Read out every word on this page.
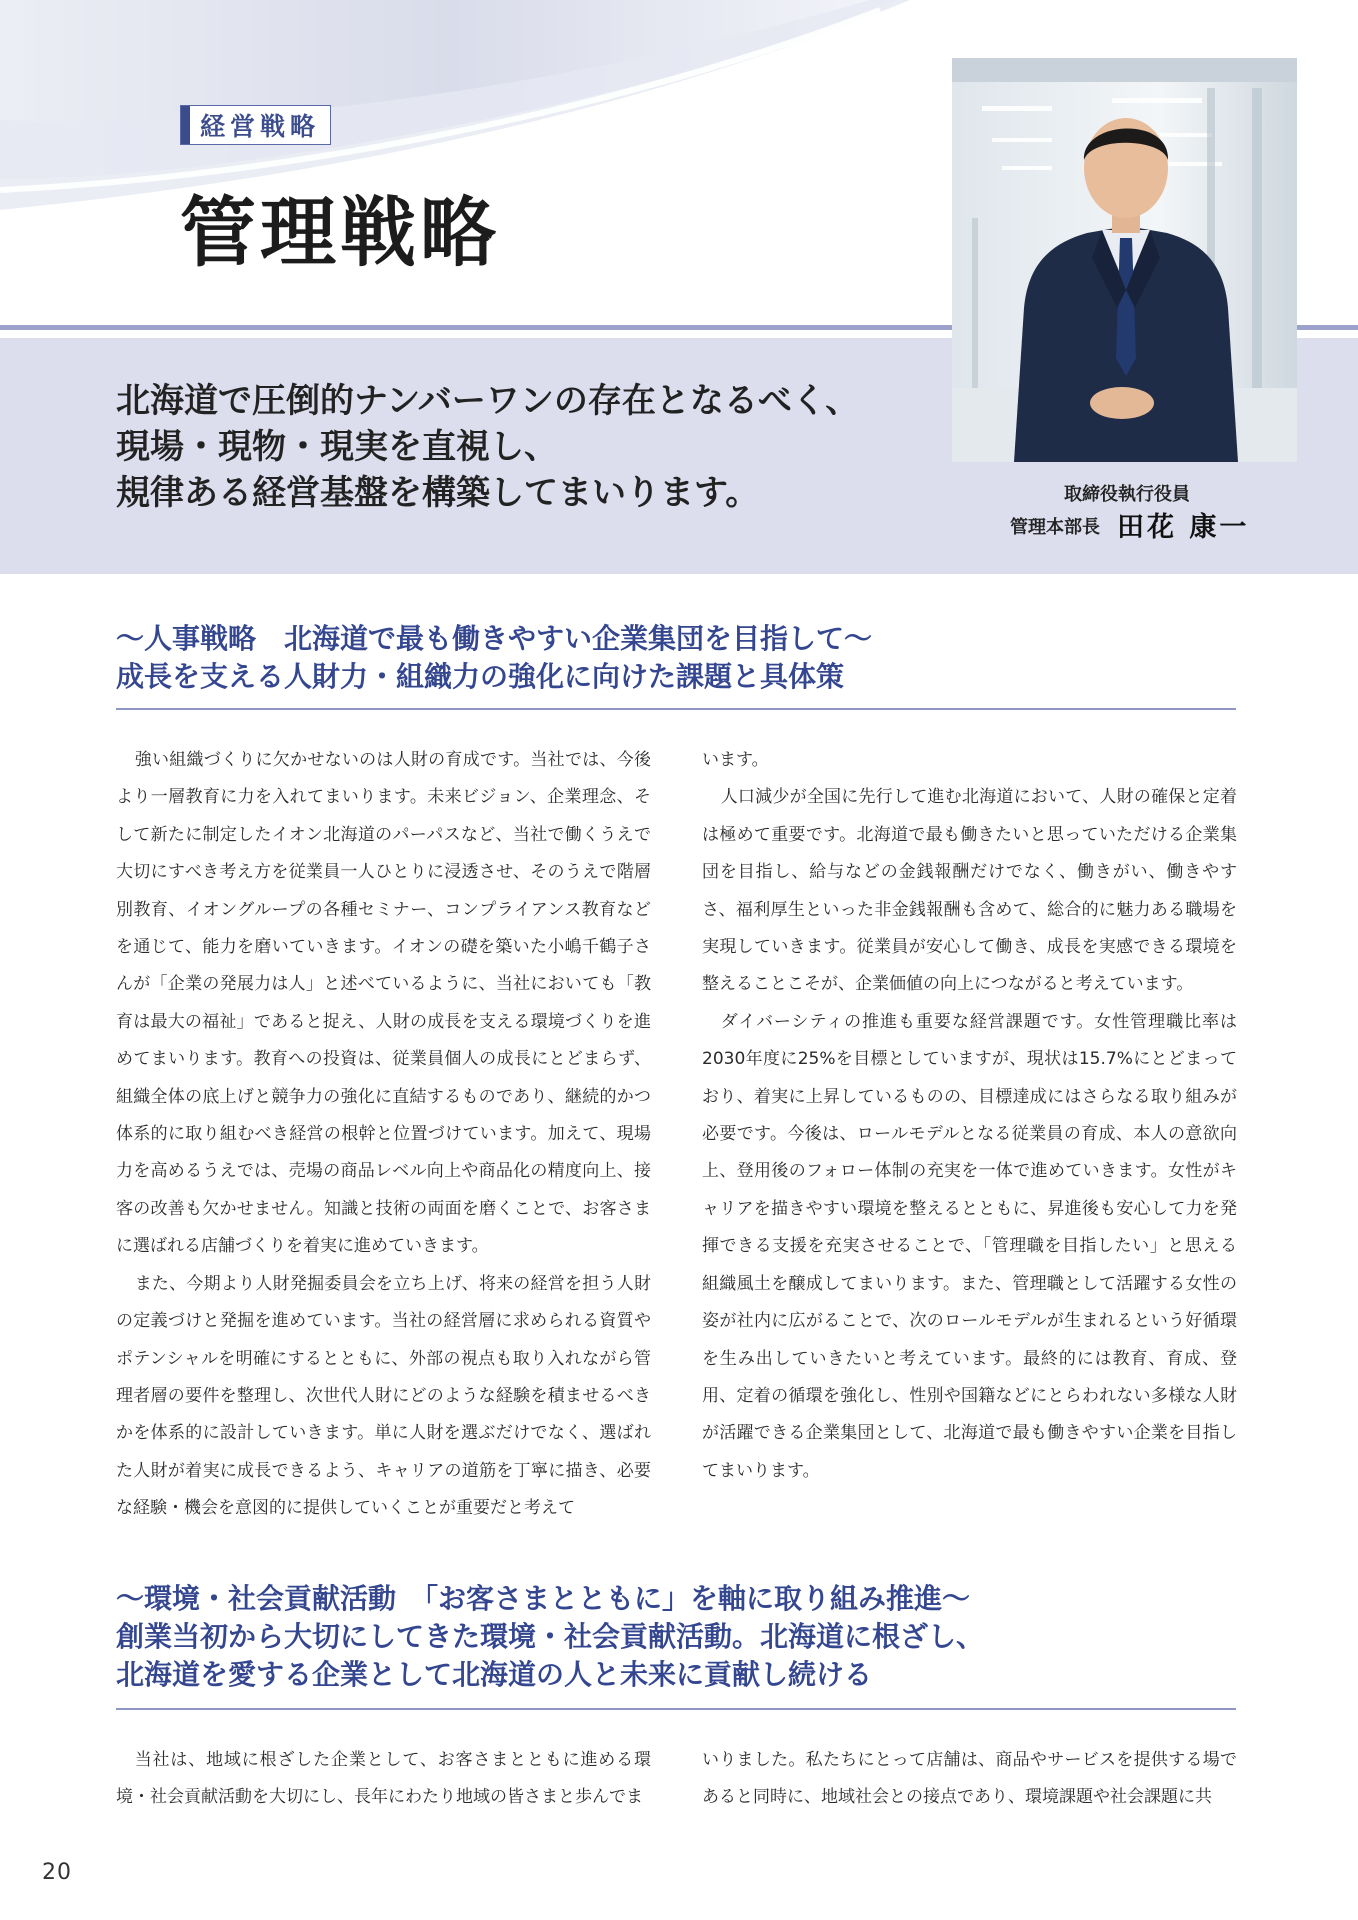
経営戦略
管理戦略

北海道で圧倒的ナンバーワンの存在となるべく、
現場・現物・現実を直視し、
規律ある経営基盤を構築してまいります。	取締役執行役員
管理本部長 田花 康一
～人事戦略　北海道で最も働きやすい企業集団を目指して～
成長を支える人財力・組織力の強化に向けた課題と具体策

強い組織づくりに欠かせないのは人財の育成です。当社では、今後より一層教育に力を入れてまいります。未来ビジョン、企業理念、そして新たに制定したイオン北海道のパーパスなど、当社で働くうえで大切にすべき考え方を従業員一人ひとりに浸透させ、そのうえで階層別教育、イオングループの各種セミナー、コンプライアンス教育などを通じて、能力を磨いていきます。イオンの礎を築いた小嶋千鶴子さんが「企業の発展力は人」と述べているように、当社においても「教育は最大の福祉」であると捉え、人財の成長を支える環境づくりを進めてまいります。教育への投資は、従業員個人の成長にとどまらず、組織全体の底上げと競争力の強化に直結するものであり、継続的かつ体系的に取り組むべき経営の根幹と位置づけています。加えて、現場力を高めるうえでは、売場の商品レベル向上や商品化の精度向上、接客の改善も欠かせません。知識と技術の両面を磨くことで、お客さまに選ばれる店舗づくりを着実に進めていきます。

また、今期より人財発掘委員会を立ち上げ、将来の経営を担う人財の定義づけと発掘を進めています。当社の経営層に求められる資質やポテンシャルを明確にするとともに、外部の視点も取り入れながら管理者層の要件を整理し、次世代人財にどのような経験を積ませるべきかを体系的に設計していきます。単に人財を選ぶだけでなく、選ばれた人財が着実に成長できるよう、キャリアの道筋を丁寧に描き、必要な経験・機会を意図的に提供していくことが重要だと考えて

います。

人口減少が全国に先行して進む北海道において、人財の確保と定着は極めて重要です。北海道で最も働きたいと思っていただける企業集団を目指し、給与などの金銭報酬だけでなく、働きがい、働きやすさ、福利厚生といった非金銭報酬も含めて、総合的に魅力ある職場を実現していきます。従業員が安心して働き、成長を実感できる環境を整えることこそが、企業価値の向上につながると考えています。

ダイバーシティの推進も重要な経営課題です。女性管理職比率は2030年度に25%を目標としていますが、現状は15.7%にとどまっており、着実に上昇しているものの、目標達成にはさらなる取り組みが必要です。今後は、ロールモデルとなる従業員の育成、本人の意欲向上、登用後のフォロー体制の充実を一体で進めていきます。女性がキャリアを描きやすい環境を整えるとともに、昇進後も安心して力を発揮できる支援を充実させることで、「管理職を目指したい」と思える組織風土を醸成してまいります。また、管理職として活躍する女性の姿が社内に広がることで、次のロールモデルが生まれるという好循環を生み出していきたいと考えています。最終的には教育、育成、登用、定着の循環を強化し、性別や国籍などにとらわれない多様な人財が活躍できる企業集団として、北海道で最も働きやすい企業を目指してまいります。

～環境・社会貢献活動　「お客さまとともに」を軸に取り組み推進～
創業当初から大切にしてきた環境・社会貢献活動。北海道に根ざし、
北海道を愛する企業として北海道の人と未来に貢献し続ける

当社は、地域に根ざした企業として、お客さまとともに進める環境・社会貢献活動を大切にし、長年にわたり地域の皆さまと歩んでま

いりました。私たちにとって店舗は、商品やサービスを提供する場であると同時に、地域社会との接点であり、環境課題や社会課題に共

20
